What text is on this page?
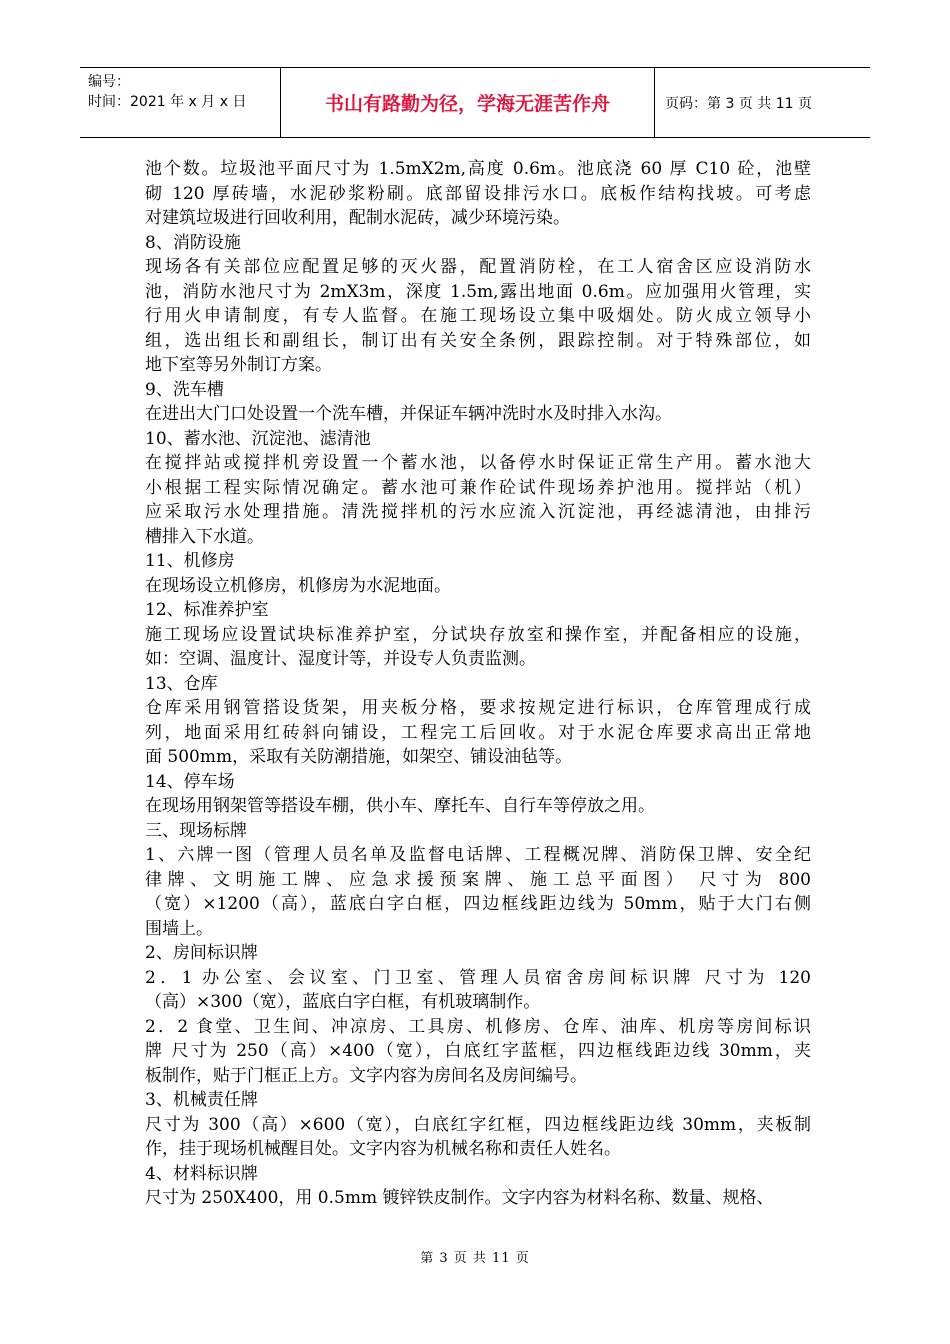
编号：
时间：2021 年 x 月 x 日	书山有路勤为径，学海无涯苦作舟	页码：第 3 页 共 11 页
池个数。垃圾池平面尺寸为 1.5mX2m,高度 0.6m。池底浇 60 厚 C10 砼，池壁
砌 120 厚砖墙，水泥砂浆粉刷。底部留设排污水口。底板作结构找坡。可考虑
对建筑垃圾进行回收利用，配制水泥砖，减少环境污染。
8、消防设施
现场各有关部位应配置足够的灭火器，配置消防栓，在工人宿舍区应设消防水
池，消防水池尺寸为 2mX3m，深度 1.5m,露出地面 0.6m。应加强用火管理，实
行用火申请制度，有专人监督。在施工现场设立集中吸烟处。防火成立领导小
组，选出组长和副组长，制订出有关安全条例，跟踪控制。对于特殊部位，如
地下室等另外制订方案。
9、洗车槽
在进出大门口处设置一个洗车槽，并保证车辆冲洗时水及时排入水沟。
10、蓄水池、沉淀池、滤清池
在搅拌站或搅拌机旁设置一个蓄水池，以备停水时保证正常生产用。蓄水池大
小根据工程实际情况确定。蓄水池可兼作砼试件现场养护池用。搅拌站（机）
应采取污水处理措施。清洗搅拌机的污水应流入沉淀池，再经滤清池，由排污
槽排入下水道。
11、机修房
在现场设立机修房，机修房为水泥地面。
12、标准养护室
施工现场应设置试块标准养护室，分试块存放室和操作室，并配备相应的设施，
如：空调、温度计、湿度计等，并设专人负责监测。
13、仓库
仓库采用钢管搭设货架，用夹板分格，要求按规定进行标识，仓库管理成行成
列，地面采用红砖斜向铺设，工程完工后回收。对于水泥仓库要求高出正常地
面 500mm，采取有关防潮措施，如架空、铺设油毡等。
14、停车场
在现场用钢架管等搭设车棚，供小车、摩托车、自行车等停放之用。
三、现场标牌
1、六牌一图（管理人员名单及监督电话牌、工程概况牌、消防保卫牌、安全纪
律牌、文明施工牌、应急求援预案牌、施工总平面图） 尺寸为 800
（宽）×1200（高），蓝底白字白框，四边框线距边线为 50mm，贴于大门右侧
围墙上。
2、房间标识牌
2．1 办公室、会议室、门卫室、管理人员宿舍房间标识牌 尺寸为 120
（高）×300（宽），蓝底白字白框，有机玻璃制作。
2．2 食堂、卫生间、冲凉房、工具房、机修房、仓库、油库、机房等房间标识
牌 尺寸为 250（高）×400（宽），白底红字蓝框，四边框线距边线 30mm，夹
板制作，贴于门框正上方。文字内容为房间名及房间编号。
3、机械责任牌
尺寸为 300（高）×600（宽），白底红字红框，四边框线距边线 30mm，夹板制
作，挂于现场机械醒目处。文字内容为机械名称和责任人姓名。
4、材料标识牌
尺寸为 250X400，用 0.5mm 镀锌铁皮制作。文字内容为材料名称、数量、规格、
第 3 页 共 11 页
